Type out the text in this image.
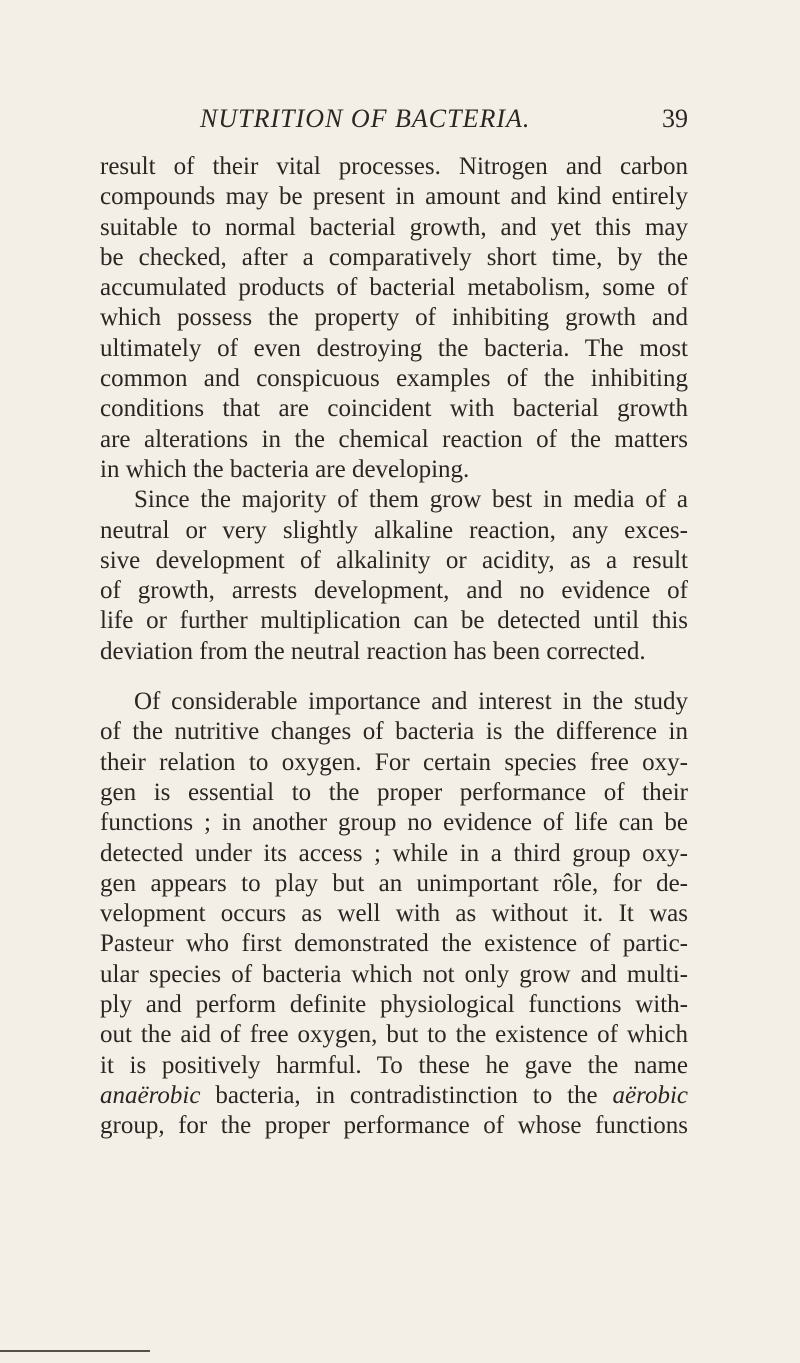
NUTRITION OF BACTERIA.	39
result of their vital processes. Nitrogen and carbon
compounds may be present in amount and kind entirely
suitable to normal bacterial growth, and yet this may
be checked, after a comparatively short time, by the
accumulated products of bacterial metabolism, some of
which possess the property of inhibiting growth and
ultimately of even destroying the bacteria. The most
common and conspicuous examples of the inhibiting
conditions that are coincident with bacterial growth
are alterations in the chemical reaction of the matters
in which the bacteria are developing.
Since the majority of them grow best in media of a
neutral or very slightly alkaline reaction, any exces-
sive development of alkalinity or acidity, as a result
of growth, arrests development, and no evidence of
life or further multiplication can be detected until this
deviation from the neutral reaction has been corrected.
Of considerable importance and interest in the study
of the nutritive changes of bacteria is the difference in
their relation to oxygen. For certain species free oxy-
gen is essential to the proper performance of their
functions ; in another group no evidence of life can be
detected under its access ; while in a third group oxy-
gen appears to play but an unimportant rôle, for de-
velopment occurs as well with as without it. It was
Pasteur who first demonstrated the existence of partic-
ular species of bacteria which not only grow and multi-
ply and perform definite physiological functions with-
out the aid of free oxygen, but to the existence of which
it is positively harmful. To these he gave the name
anaërobic bacteria, in contradistinction to the aërobic
group, for the proper performance of whose functions
